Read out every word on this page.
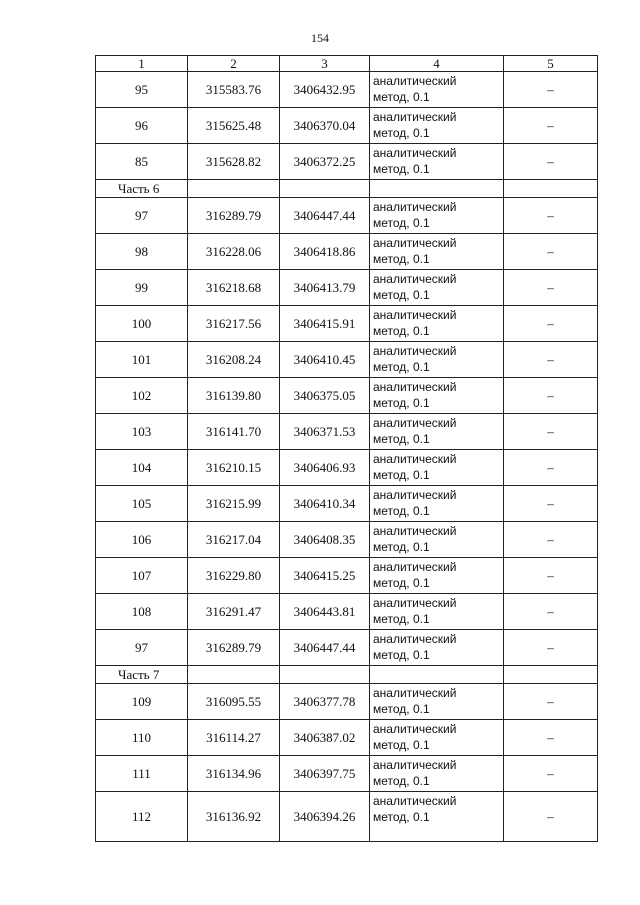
154
1	2	3	4	5
95	315583.76	3406432.95	аналитический
метод, 0.1	–
96	315625.48	3406370.04	аналитический
метод, 0.1	–
85	315628.82	3406372.25	аналитический
метод, 0.1	–
Часть 6				
97	316289.79	3406447.44	аналитический
метод, 0.1	–
98	316228.06	3406418.86	аналитический
метод, 0.1	–
99	316218.68	3406413.79	аналитический
метод, 0.1	–
100	316217.56	3406415.91	аналитический
метод, 0.1	–
101	316208.24	3406410.45	аналитический
метод, 0.1	–
102	316139.80	3406375.05	аналитический
метод, 0.1	–
103	316141.70	3406371.53	аналитический
метод, 0.1	–
104	316210.15	3406406.93	аналитический
метод, 0.1	–
105	316215.99	3406410.34	аналитический
метод, 0.1	–
106	316217.04	3406408.35	аналитический
метод, 0.1	–
107	316229.80	3406415.25	аналитический
метод, 0.1	–
108	316291.47	3406443.81	аналитический
метод, 0.1	–
97	316289.79	3406447.44	аналитический
метод, 0.1	–
Часть 7				
109	316095.55	3406377.78	аналитический
метод, 0.1	–
110	316114.27	3406387.02	аналитический
метод, 0.1	–
111	316134.96	3406397.75	аналитический
метод, 0.1	–
112	316136.92	3406394.26	аналитический
метод, 0.1	–
